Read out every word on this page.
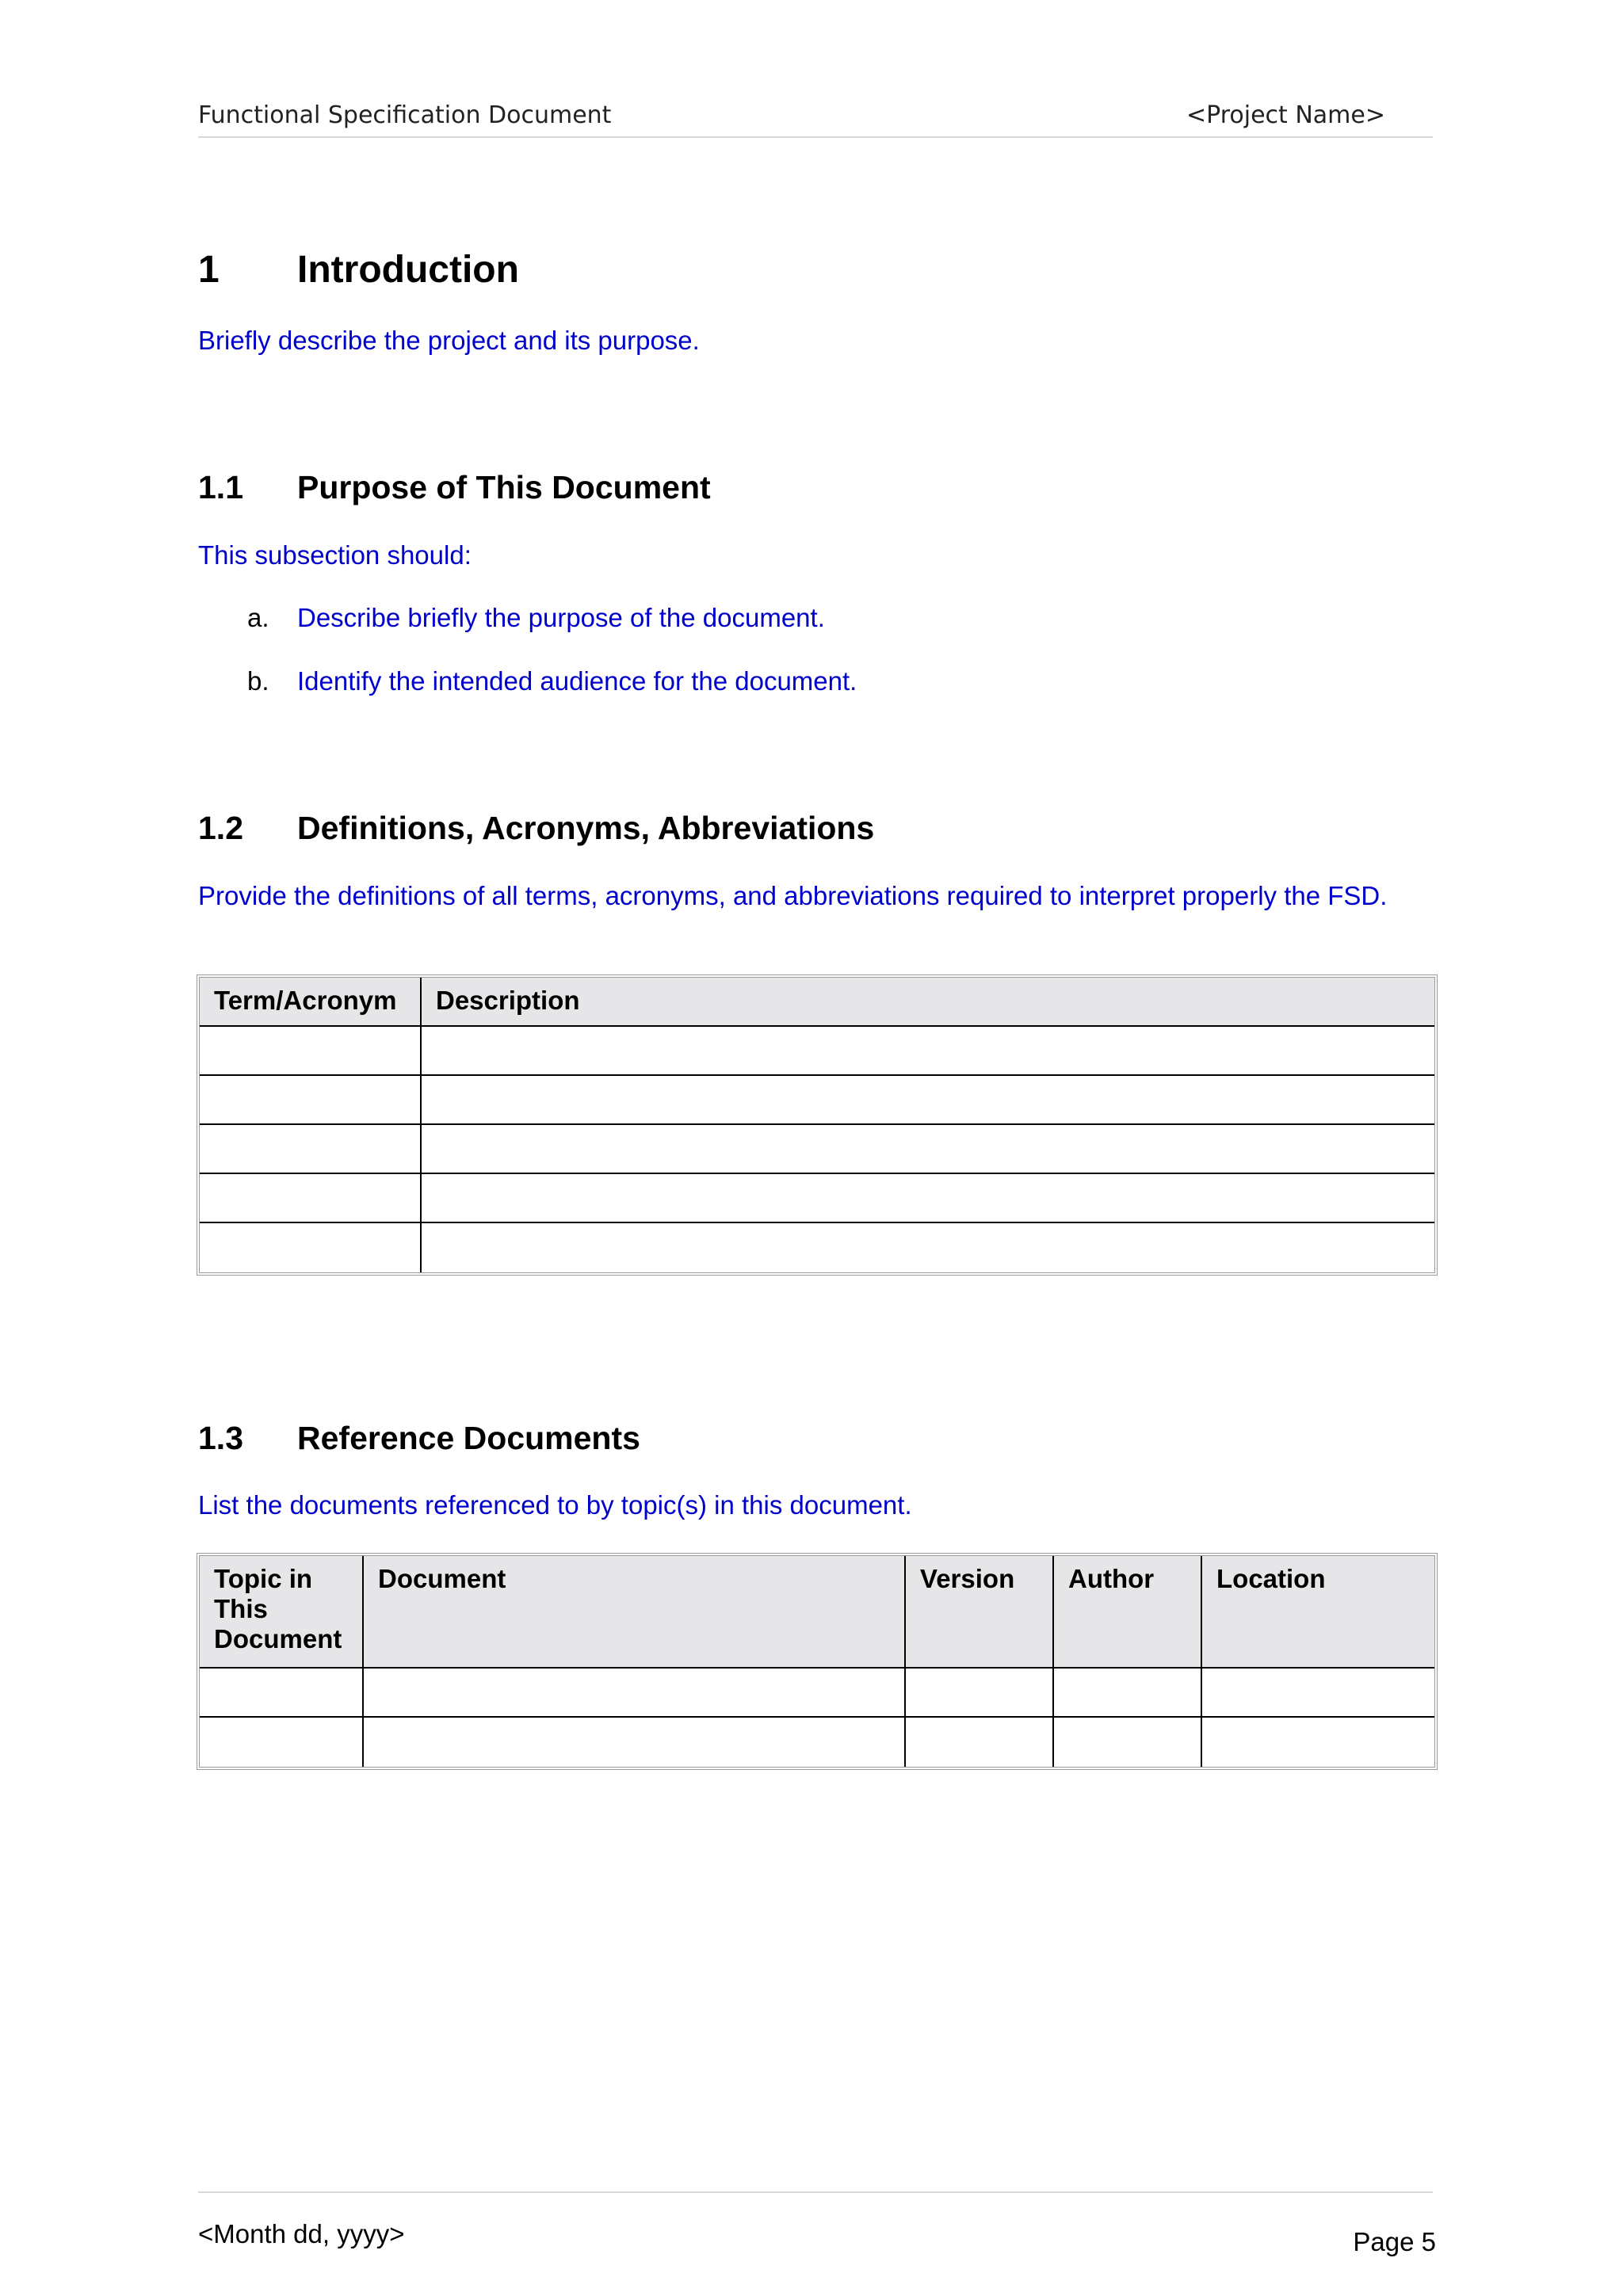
Functional Specification Document	<Project Name>
1 Introduction
Briefly describe the project and its purpose.
1.1 Purpose of This Document
This subsection should:
a. Describe briefly the purpose of the document.
b. Identify the intended audience for the document.
1.2 Definitions, Acronyms, Abbreviations
Provide the definitions of all terms, acronyms, and abbreviations required to interpret properly the FSD.
Term/Acronym	Description

1.3 Reference Documents
List the documents referenced to by topic(s) in this document.
Topic in This Document	Document	Version	Author	Location

<Month dd, yyyy>	Page 5
